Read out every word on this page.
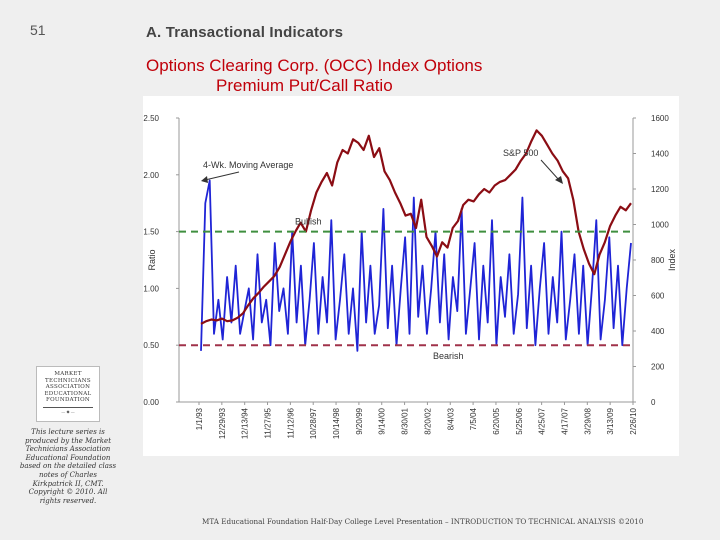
51	A. Transactional Indicators
Options Clearing Corp. (OCC) Index Options
Premium Put/Call Ratio
0.00
0.50
1.00
1.50
2.00
2.50
0
200
400
600
800
1000
1200
1400
1600
Ratio	Index
1/1/93 12/29/93 12/13/94 11/27/95 11/12/96 10/28/97 10/14/98 9/20/99 9/14/00 8/30/01 8/20/02 8/4/03 7/5/04 6/20/05 5/25/06 4/25/07 4/17/07 3/29/08 3/13/09 2/26/10
Bullish
Bearish
4-Wk. Moving Average
S&P 500
MARKET
TECHNICIANS
ASSOCIATION
EDUCATIONAL
FOUNDATION
— ◆ —
This lecture series is produced by the Market Technicians Association Educational Foundation based on the detailed class notes of Charles Kirkpatrick II, CMT. Copyright © 2010. All rights reserved.
MTA Educational Foundation Half-Day College Level Presentation – INTRODUCTION TO TECHNICAL ANALYSIS ©2010
